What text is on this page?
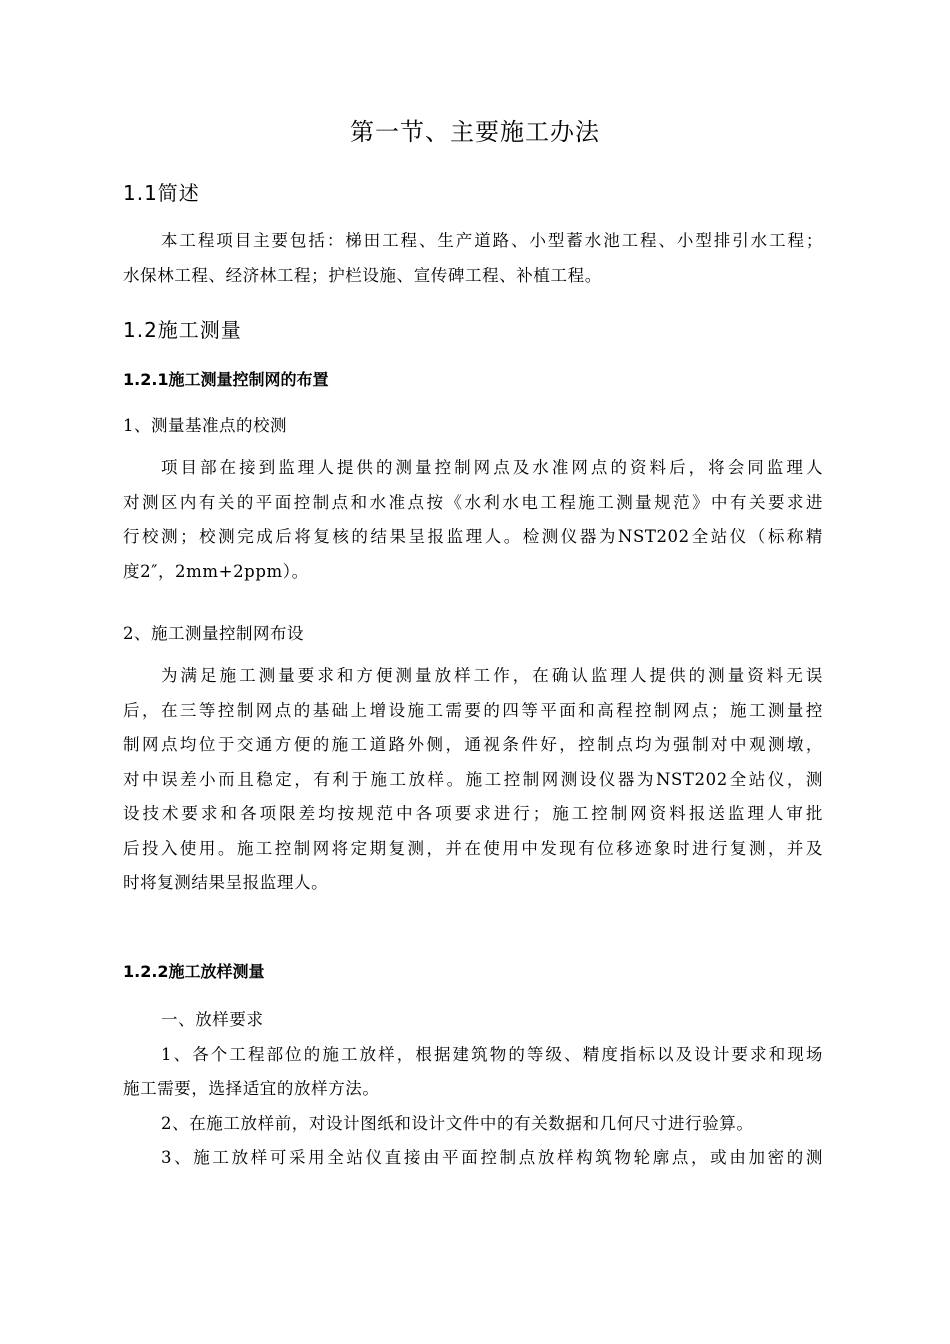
第一节、主要施工办法
1.1简述
本工程项目主要包括：梯田工程、生产道路、小型蓄水池工程、小型排引水工程；
水保林工程、经济林工程；护栏设施、宣传碑工程、补植工程。
1.2施工测量
1.2.1施工测量控制网的布置
1、测量基准点的校测
项目部在接到监理人提供的测量控制网点及水准网点的资料后，将会同监理人
对测区内有关的平面控制点和水准点按《水利水电工程施工测量规范》中有关要求进
行校测；校测完成后将复核的结果呈报监理人。检测仪器为NST202全站仪（标称精
度2″，2mm+2ppm）。
2、施工测量控制网布设
为满足施工测量要求和方便测量放样工作，在确认监理人提供的测量资料无误
后，在三等控制网点的基础上增设施工需要的四等平面和高程控制网点；施工测量控
制网点均位于交通方便的施工道路外侧，通视条件好，控制点均为强制对中观测墩，
对中误差小而且稳定，有利于施工放样。施工控制网测设仪器为NST202全站仪，测
设技术要求和各项限差均按规范中各项要求进行；施工控制网资料报送监理人审批
后投入使用。施工控制网将定期复测，并在使用中发现有位移迹象时进行复测，并及
时将复测结果呈报监理人。
1.2.2施工放样测量
一、放样要求
1、各个工程部位的施工放样，根据建筑物的等级、精度指标以及设计要求和现场
施工需要，选择适宜的放样方法。
2、在施工放样前，对设计图纸和设计文件中的有关数据和几何尺寸进行验算。
3、施工放样可采用全站仪直接由平面控制点放样构筑物轮廓点，或由加密的测
